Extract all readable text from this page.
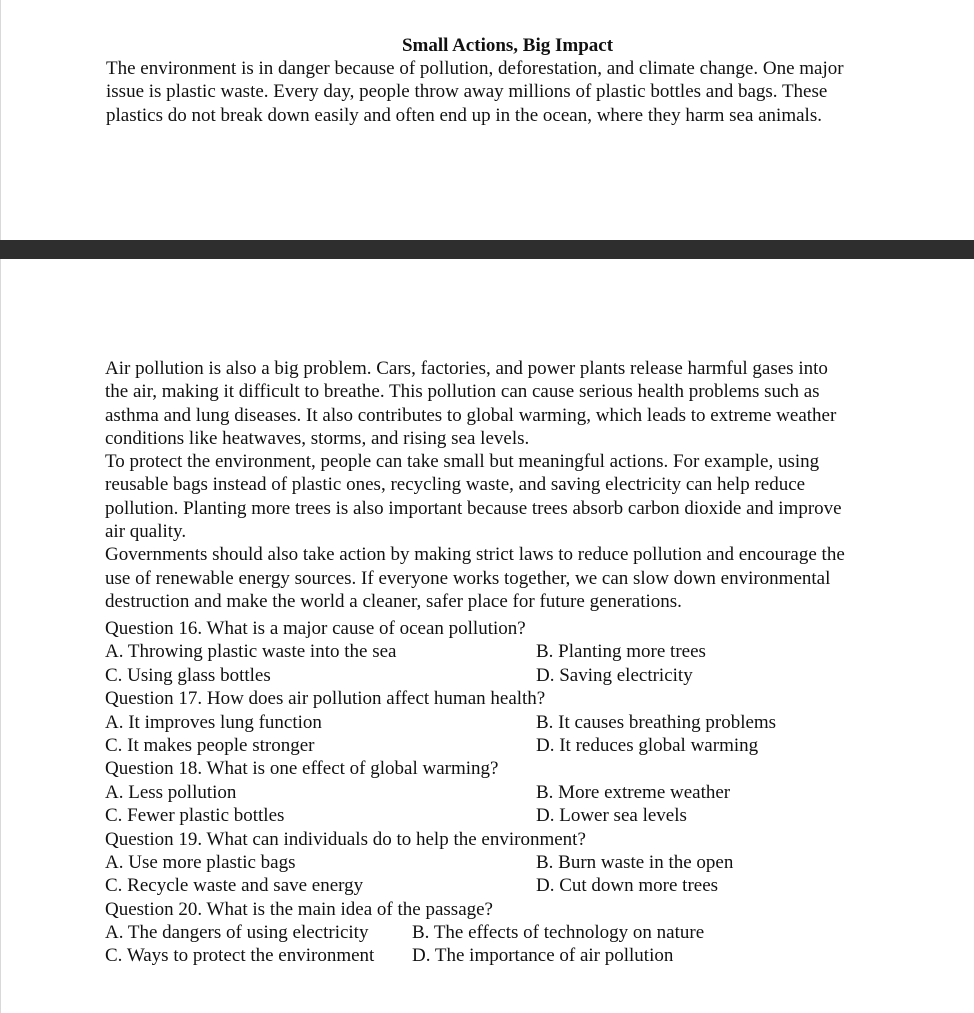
Small Actions, Big Impact
The environment is in danger because of pollution, deforestation, and climate change. One major
issue is plastic waste. Every day, people throw away millions of plastic bottles and bags. These
plastics do not break down easily and often end up in the ocean, where they harm sea animals.
Air pollution is also a big problem. Cars, factories, and power plants release harmful gases into
the air, making it difficult to breathe. This pollution can cause serious health problems such as
asthma and lung diseases. It also contributes to global warming, which leads to extreme weather
conditions like heatwaves, storms, and rising sea levels.
To protect the environment, people can take small but meaningful actions. For example, using
reusable bags instead of plastic ones, recycling waste, and saving electricity can help reduce
pollution. Planting more trees is also important because trees absorb carbon dioxide and improve
air quality.
Governments should also take action by making strict laws to reduce pollution and encourage the
use of renewable energy sources. If everyone works together, we can slow down environmental
destruction and make the world a cleaner, safer place for future generations.
Question 16. What is a major cause of ocean pollution?
A. Throwing plastic waste into the sea	B. Planting more trees
C. Using glass bottles	D. Saving electricity
Question 17. How does air pollution affect human health?
A. It improves lung function	B. It causes breathing problems
C. It makes people stronger	D. It reduces global warming
Question 18. What is one effect of global warming?
A. Less pollution	B. More extreme weather
C. Fewer plastic bottles	D. Lower sea levels
Question 19. What can individuals do to help the environment?
A. Use more plastic bags	B. Burn waste in the open
C. Recycle waste and save energy	D. Cut down more trees
Question 20. What is the main idea of the passage?
A. The dangers of using electricity B. The effects of technology on nature
C. Ways to protect the environment D. The importance of air pollution
